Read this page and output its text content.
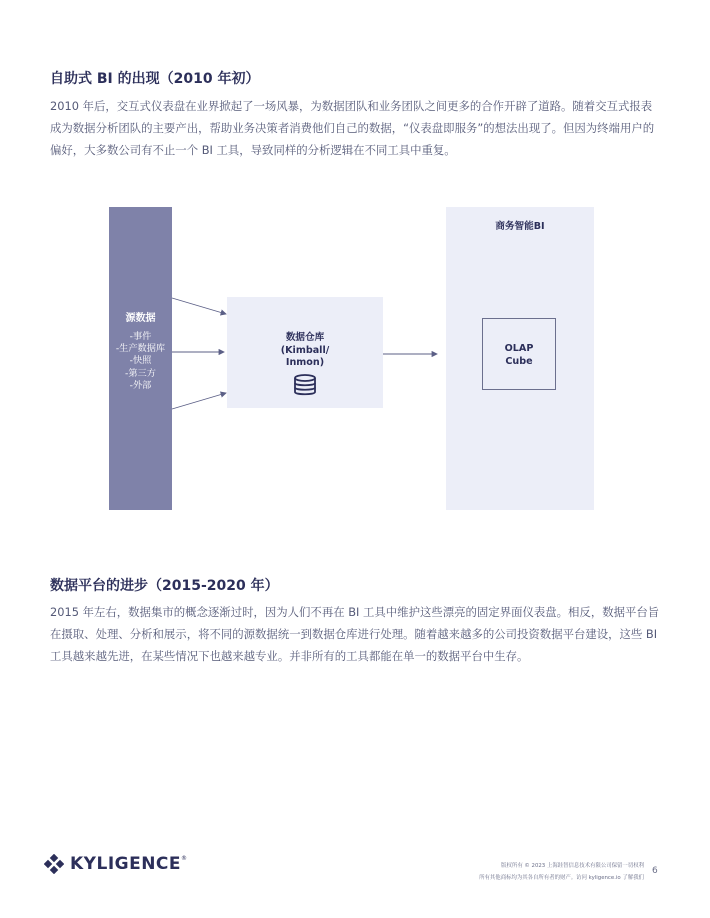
自助式 BI 的出现（2010 年初）

2010 年后，交互式仪表盘在业界掀起了一场风暴，为数据团队和业务团队之间更多的合作开辟了道路。随着交互式报表成为数据分析团队的主要产出，帮助业务决策者消费他们自己的数据，“仪表盘即服务”的想法出现了。但因为终端用户的偏好，大多数公司有不止一个 BI 工具，导致同样的分析逻辑在不同工具中重复。

源数据
-事件
-生产数据库
-快照
-第三方
-外部
数据仓库
(Kimball/
Inmon)
商务智能BI
OLAP
Cube
数据平台的进步（2015-2020 年）

2015 年左右，数据集市的概念逐渐过时，因为人们不再在 BI 工具中维护这些漂亮的固定界面仪表盘。相反，数据平台旨在摄取、处理、分析和展示，将不同的源数据统一到数据仓库进行处理。随着越来越多的公司投资数据平台建设，这些 BI 工具越来越先进，在某些情况下也越来越专业。并非所有的工具都能在单一的数据平台中生存。

KYLIGENCE ®
版权所有 © 2023 上海跬智信息技术有限公司保留一切权利
所有其他商标均为其各自所有者的财产。访问 kyligence.io 了解我们
6
